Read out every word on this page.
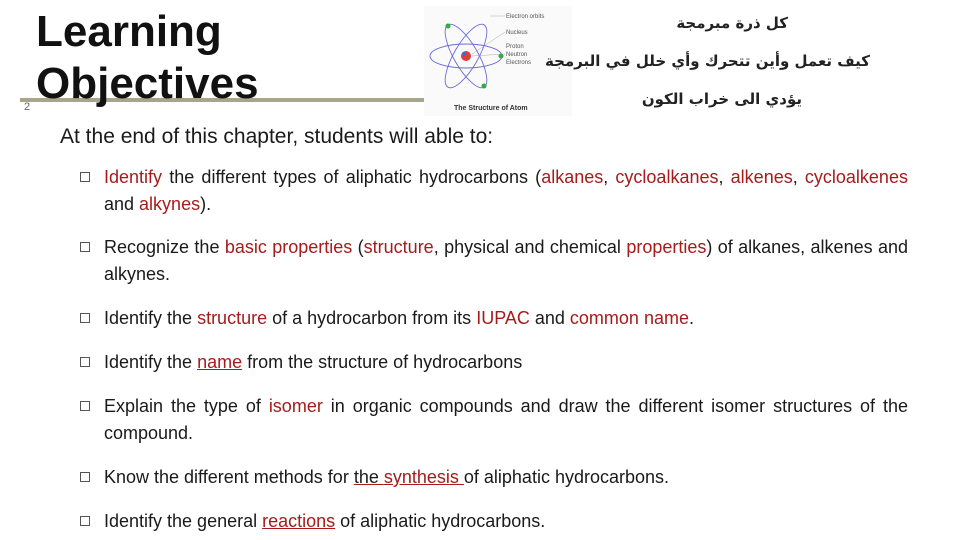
Learning
Objectives
2
Electron orbits
Nucleus
Proton
Neutron
Electrons
The Structure of Atom
كل ذرة مبرمجة
كيف تعمل وأين تتحرك وأي خلل في البرمجة
يؤدي الى خراب الكون
At the end of this chapter, students will able to:
Identify the different types of aliphatic hydrocarbons (alkanes, cycloalkanes, alkenes, cycloalkenes  and alkynes).
Recognize the basic properties (structure, physical and chemical properties) of alkanes, alkenes and alkynes.
Identify the structure of a hydrocarbon from its IUPAC and common name.
Identify the name from the structure of hydrocarbons
Explain the type of isomer in organic compounds and draw the different isomer structures of the compound.
Know the different methods for the synthesis of aliphatic hydrocarbons.
Identify the general reactions of aliphatic hydrocarbons.
